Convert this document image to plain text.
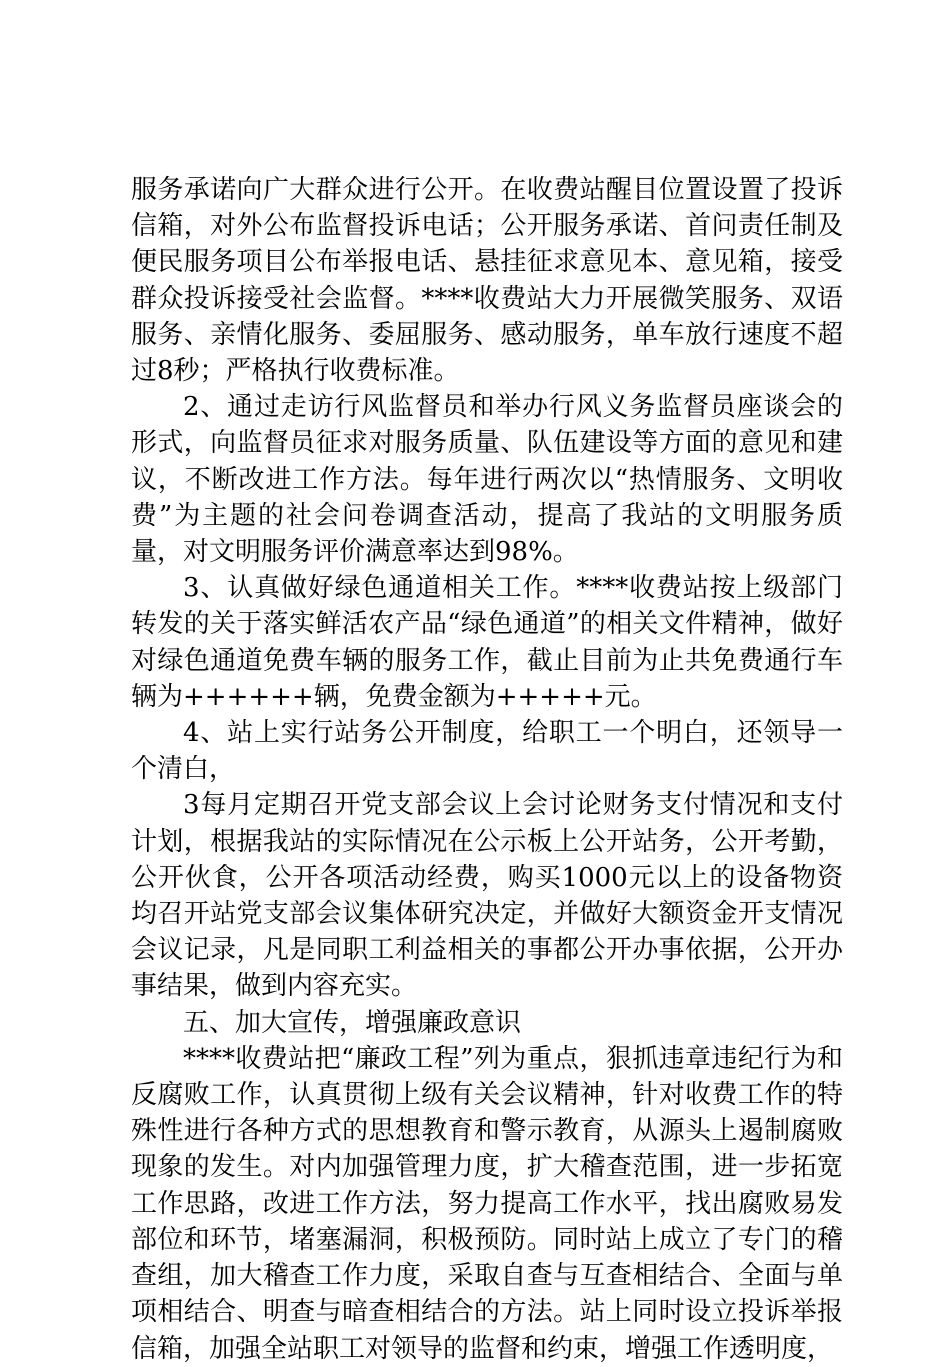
服务承诺向广大群众进行公开。在收费站醒目位置设置了投诉信箱，对外公布监督投诉电话；公开服务承诺、首问责任制及便民服务项目公布举报电话、悬挂征求意见本、意见箱，接受群众投诉接受社会监督。****收费站大力开展微笑服务、双语服务、亲情化服务、委屈服务、感动服务，单车放行速度不超过8秒；严格执行收费标准。

2、通过走访行风监督员和举办行风义务监督员座谈会的形式，向监督员征求对服务质量、队伍建设等方面的意见和建议，不断改进工作方法。每年进行两次以“热情服务、文明收费”为主题的社会问卷调查活动，提高了我站的文明服务质量，对文明服务评价满意率达到98%。

3、认真做好绿色通道相关工作。****收费站按上级部门转发的关于落实鲜活农产品“绿色通道”的相关文件精神，做好对绿色通道免费车辆的服务工作，截止目前为止共免费通行车辆为++++++辆，免费金额为+++++元。

4、站上实行站务公开制度，给职工一个明白，还领导一个清白，

3每月定期召开党支部会议上会讨论财务支付情况和支付计划，根据我站的实际情况在公示板上公开站务，公开考勤，公开伙食，公开各项活动经费，购买1000元以上的设备物资均召开站党支部会议集体研究决定，并做好大额资金开支情况会议记录，凡是同职工利益相关的事都公开办事依据，公开办事结果，做到内容充实。

五、加大宣传，增强廉政意识

****收费站把“廉政工程”列为重点，狠抓违章违纪行为和反腐败工作，认真贯彻上级有关会议精神，针对收费工作的特殊性进行各种方式的思想教育和警示教育，从源头上遏制腐败现象的发生。对内加强管理力度，扩大稽查范围，进一步拓宽工作思路，改进工作方法，努力提高工作水平，找出腐败易发部位和环节，堵塞漏洞，积极预防。同时站上成立了专门的稽查组，加大稽查工作力度，采取自查与互查相结合、全面与单项相结合、明查与暗查相结合的方法。站上同时设立投诉举报信箱，加强全站职工对领导的监督和约束，增强工作透明度，
